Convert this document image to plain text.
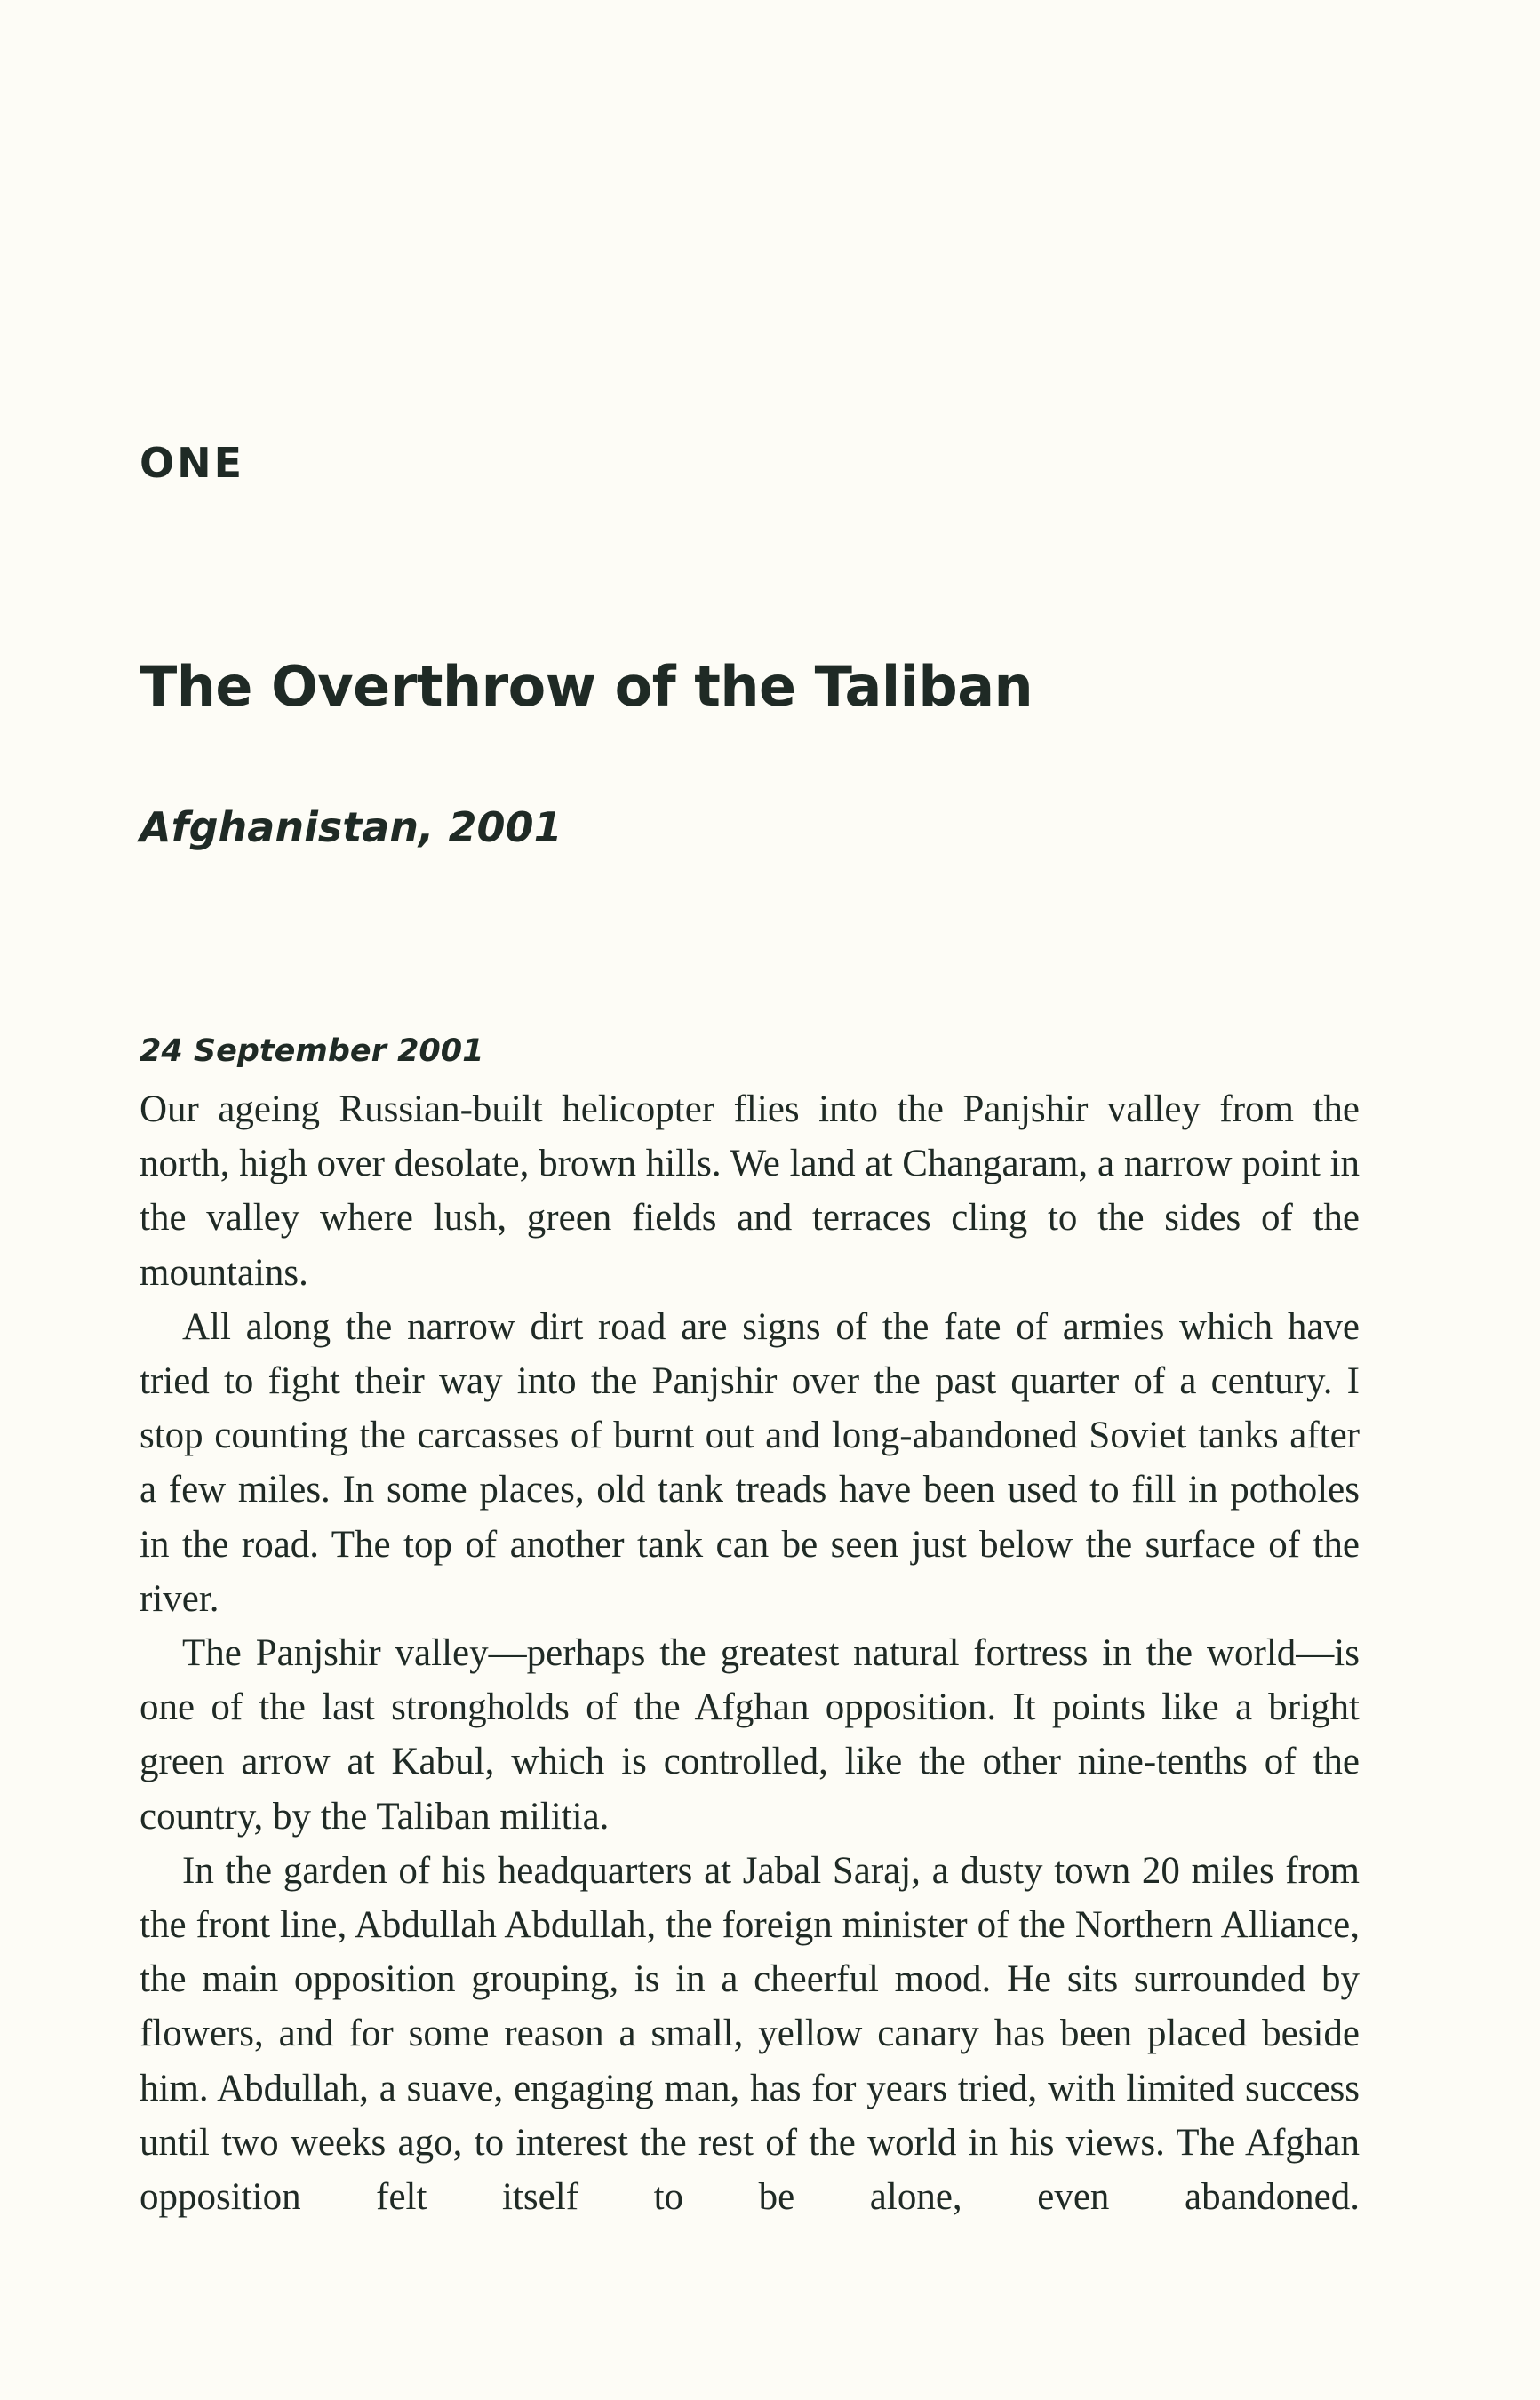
ONE
The Overthrow of the Taliban
Afghanistan, 2001
24 September 2001

Our ageing Russian-built helicopter flies into the Panjshir valley from the north, high over desolate, brown hills. We land at Changaram, a narrow point in the valley where lush, green fields and terraces cling to the sides of the mountains.

All along the narrow dirt road are signs of the fate of armies which have tried to fight their way into the Panjshir over the past quarter of a century. I stop counting the carcasses of burnt out and long-abandoned Soviet tanks after a few miles. In some places, old tank treads have been used to fill in potholes in the road. The top of another tank can be seen just below the surface of the river.

The Panjshir valley—perhaps the greatest natural fortress in the world—is one of the last strongholds of the Afghan opposition. It points like a bright green arrow at Kabul, which is controlled, like the other nine-tenths of the country, by the Taliban militia.

In the garden of his headquarters at Jabal Saraj, a dusty town 20 miles from the front line, Abdullah Abdullah, the foreign minister of the Northern Alliance, the main opposition grouping, is in a cheerful mood. He sits surrounded by flowers, and for some reason a small, yellow canary has been placed beside him. Abdullah, a suave, engaging man, has for years tried, with limited success until two weeks ago, to interest the rest of the world in his views. The Afghan opposition felt itself to be alone, even abandoned.
